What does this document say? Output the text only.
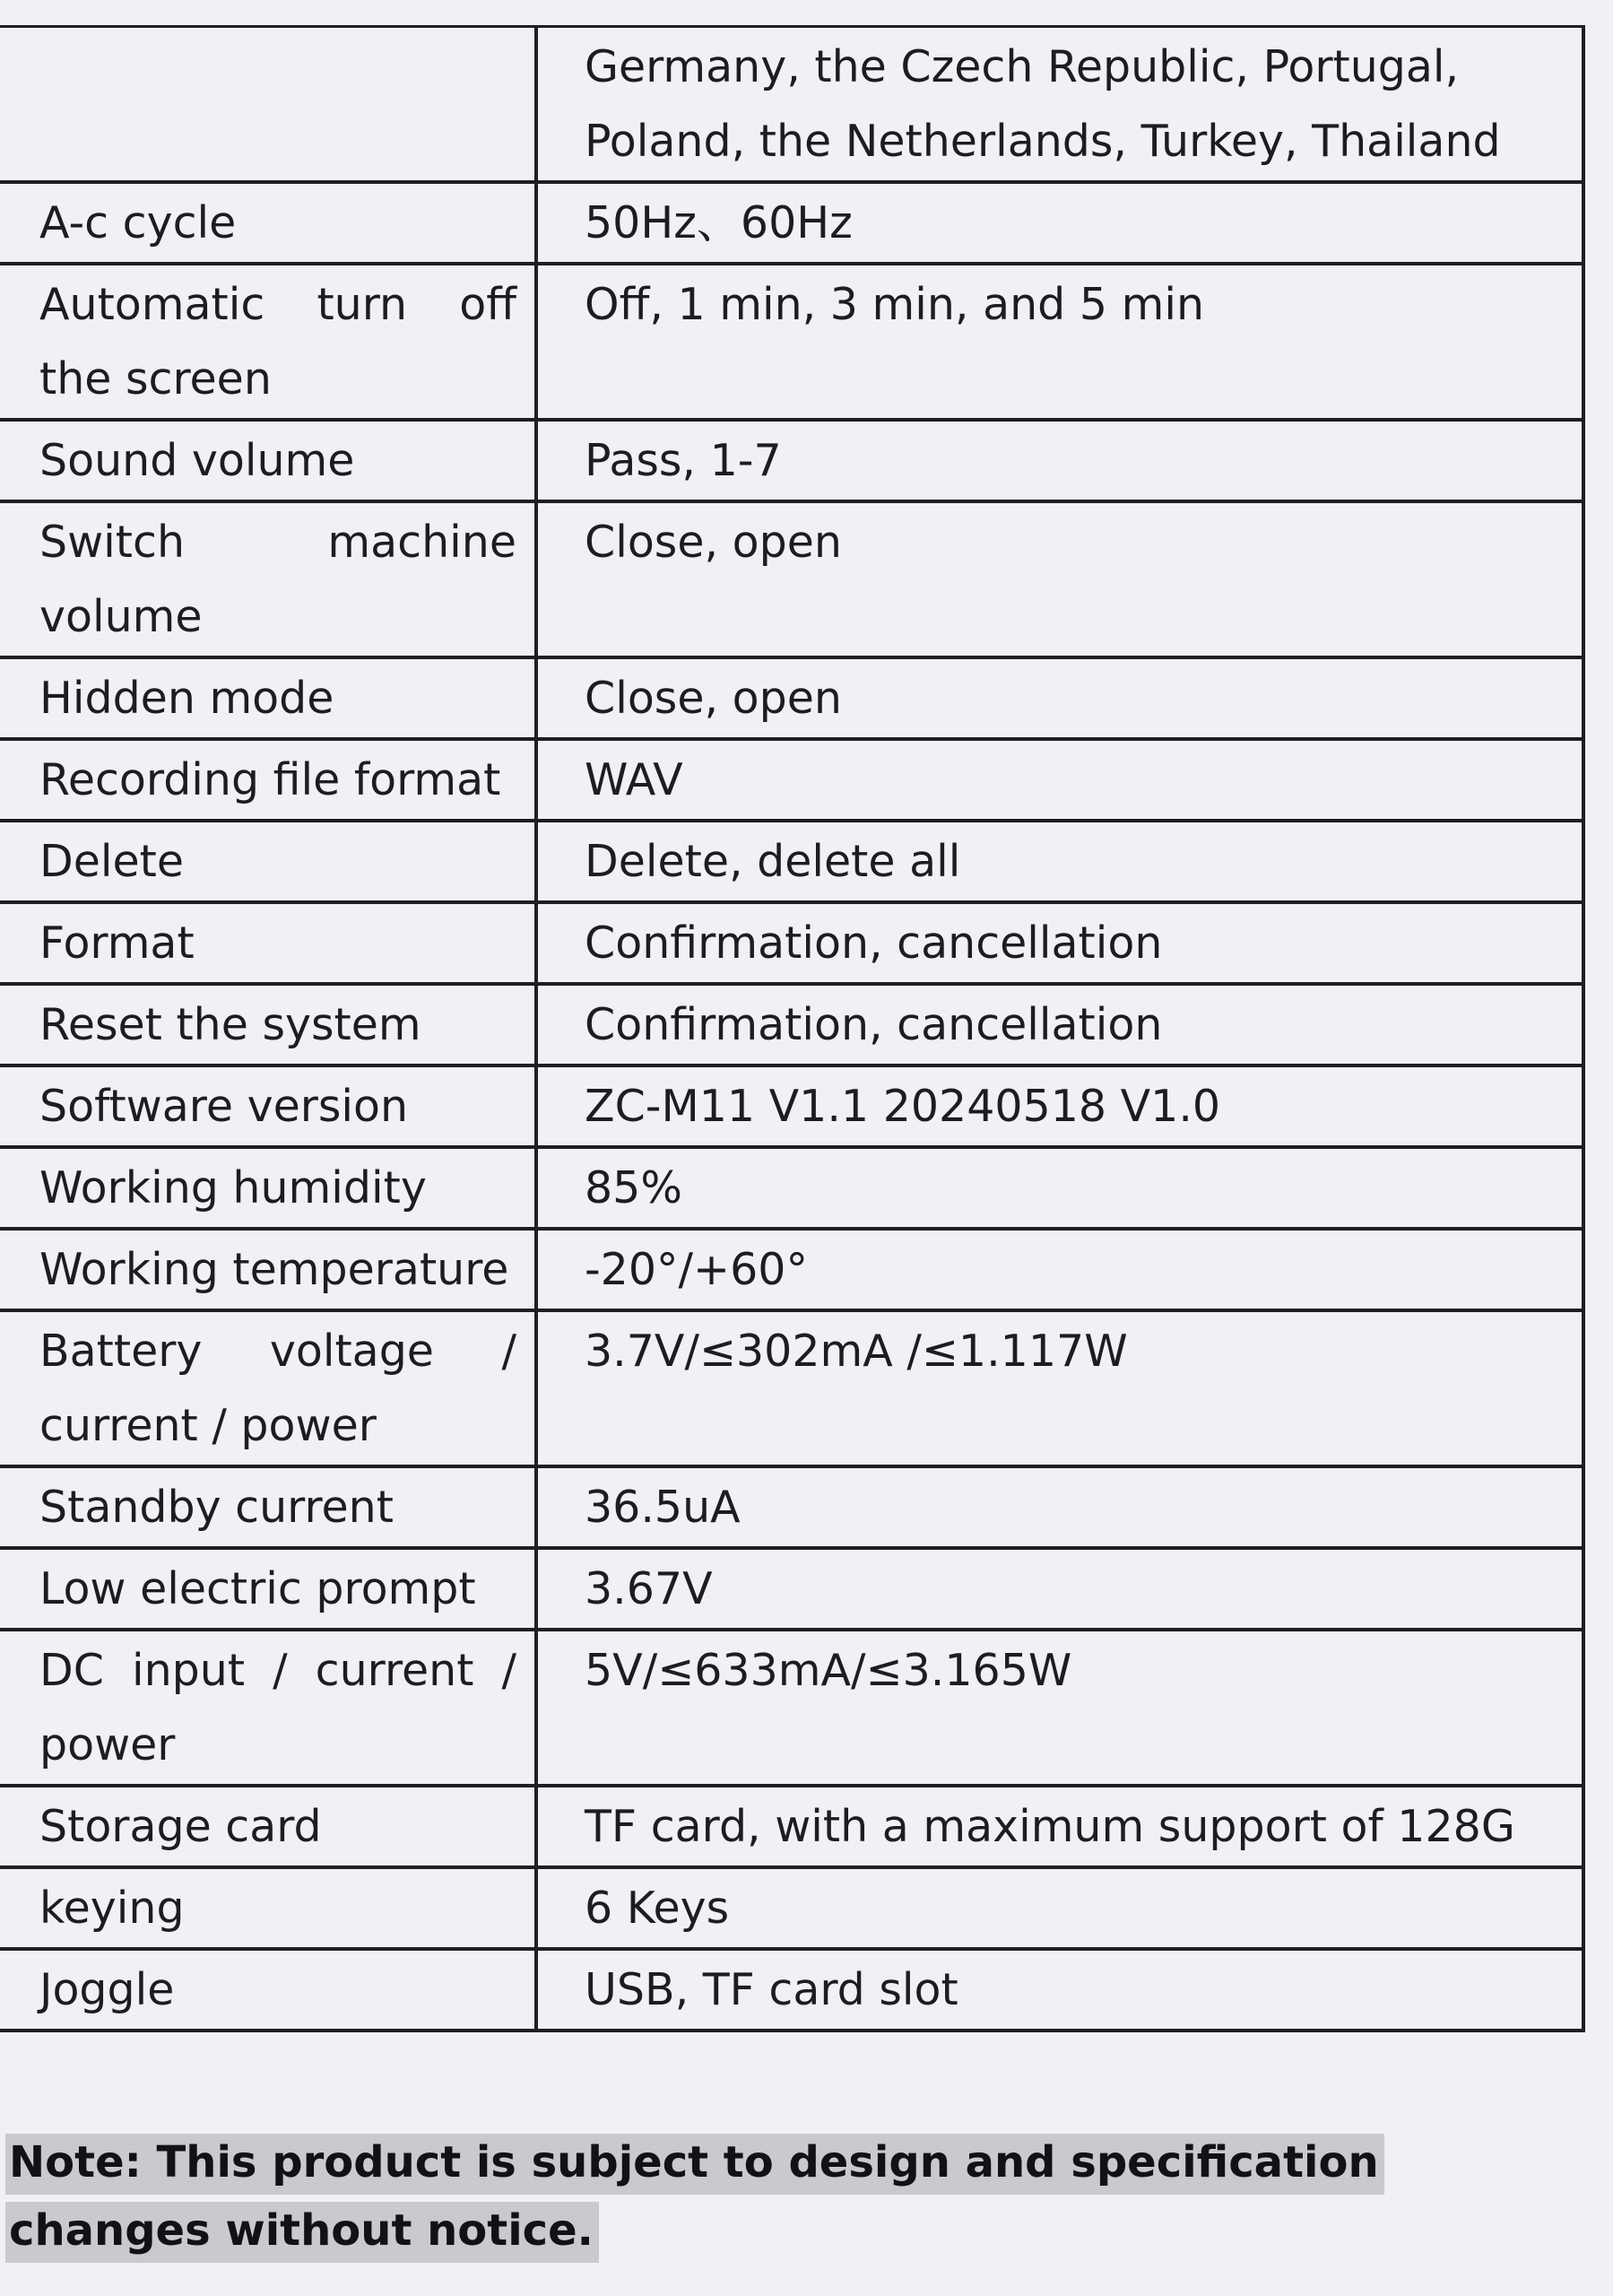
	Germany, the Czech Republic, Portugal, Poland, the Netherlands, Turkey, Thailand
A-c cycle	50Hz、60Hz
Automatic turn off the screen	Off, 1 min, 3 min, and 5 min
Sound volume	Pass, 1-7
Switch machine volume	Close, open
Hidden mode	Close, open
Recording file format	WAV
Delete	Delete, delete all
Format	Confirmation, cancellation
Reset the system	Confirmation, cancellation
Software version	ZC-M11 V1.1 20240518 V1.0
Working humidity	85%
Working temperature	-20°/+60°
Battery voltage / current / power	3.7V/≤302mA /≤1.117W
Standby current	36.5uA
Low electric prompt	3.67V
DC input / current / power	5V/≤633mA/≤3.165W
Storage card	TF card, with a maximum support of 128G
keying	6 Keys
Joggle	USB, TF card slot
Note: This product is subject to design and specification changes without notice.
